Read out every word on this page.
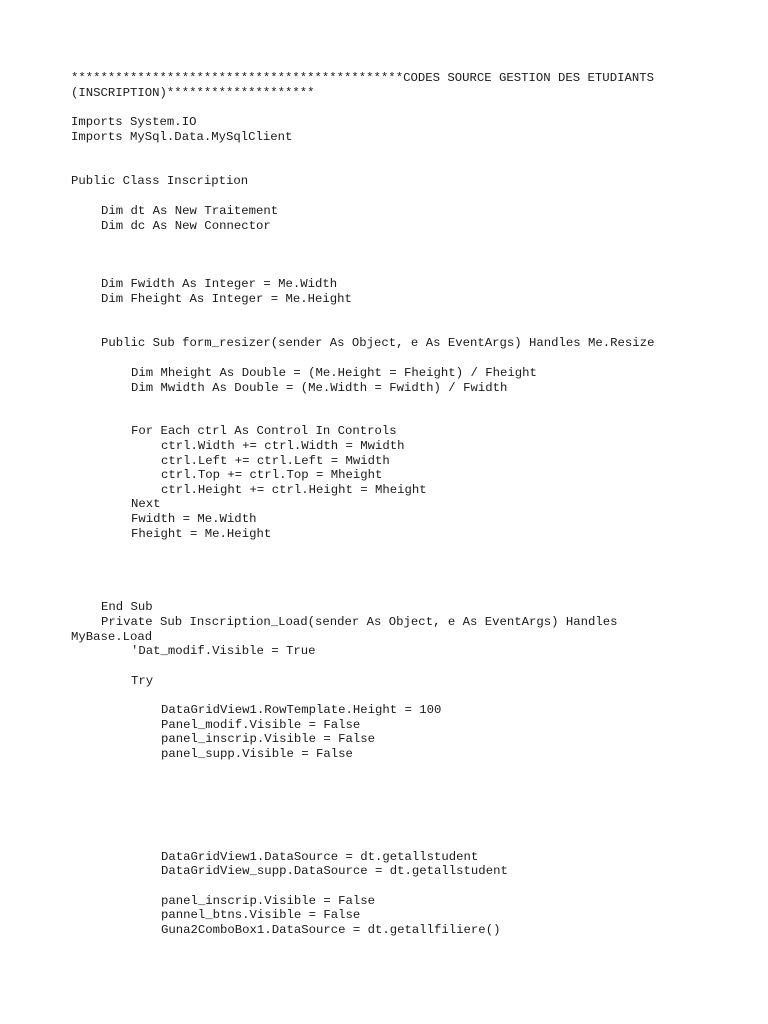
*********************************************CODES SOURCE GESTION DES ETUDIANTS
(INSCRIPTION)********************
Imports System.IO
Imports MySql.Data.MySqlClient
Public Class Inscription
Dim dt As New Traitement
Dim dc As New Connector
Dim Fwidth As Integer = Me.Width
Dim Fheight As Integer = Me.Height
Public Sub form_resizer(sender As Object, e As EventArgs) Handles Me.Resize
Dim Mheight As Double = (Me.Height = Fheight) / Fheight
Dim Mwidth As Double = (Me.Width = Fwidth) / Fwidth
For Each ctrl As Control In Controls
ctrl.Width += ctrl.Width = Mwidth
ctrl.Left += ctrl.Left = Mwidth
ctrl.Top += ctrl.Top = Mheight
ctrl.Height += ctrl.Height = Mheight
Next
Fwidth = Me.Width
Fheight = Me.Height
End Sub
Private Sub Inscription_Load(sender As Object, e As EventArgs) Handles
MyBase.Load
'Dat_modif.Visible = True
Try
DataGridView1.RowTemplate.Height = 100
Panel_modif.Visible = False
panel_inscrip.Visible = False
panel_supp.Visible = False
DataGridView1.DataSource = dt.getallstudent
DataGridView_supp.DataSource = dt.getallstudent
panel_inscrip.Visible = False
pannel_btns.Visible = False
Guna2ComboBox1.DataSource = dt.getallfiliere()
